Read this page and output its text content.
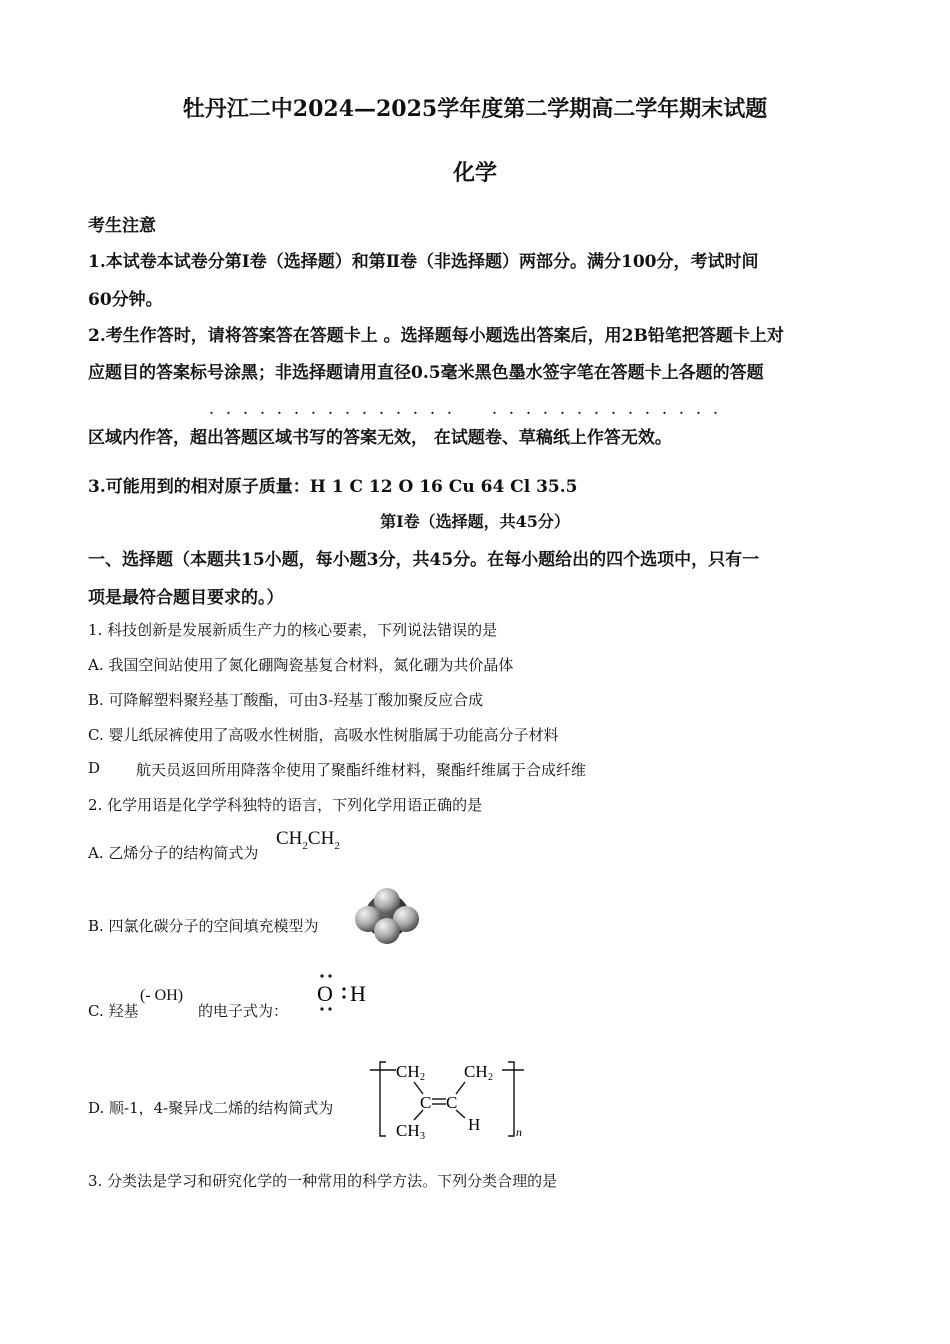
牡丹江二中2024—2025学年度第二学期高二学年期末试题
化学
考生注意
1.本试卷本试卷分第I卷（选择题）和第Ⅱ卷（非选择题）两部分。满分100分，考试时间
60分钟。
2.考生作答时，请将答案答在答题卡上 。选择题每小题选出答案后，用2B铅笔把答题卡上对
应题目的答案标号涂黑；非选择题请用直径0.5毫米黑色墨水签字笔在答题卡上各题的答题
· · · · · · · · · · · · · · ·	· · · · · · · · · · · · · ·
区域内作答，超出答题区域书写的答案无效， 在试题卷、草稿纸上作答无效。
3.可能用到的相对原子质量：H 1 C 12 O 16 Cu 64 Cl 35.5
第Ⅰ卷（选择题，共45分）
一、选择题（本题共15小题，每小题3分，共45分。在每小题给出的四个选项中，只有一
项是最符合题目要求的。）
1. 科技创新是发展新质生产力的核心要素，下列说法错误的是
A. 我国空间站使用了氮化硼陶瓷基复合材料，氮化硼为共价晶体
B. 可降解塑料聚羟基丁酸酯，可由3-羟基丁酸加聚反应合成
C. 婴儿纸尿裤使用了高吸水性树脂，高吸水性树脂属于功能高分子材料
D 航天员返回所用降落伞使用了聚酯纤维材料，聚酯纤维属于合成纤维
2. 化学用语是化学学科独特的语言，下列化学用语正确的是
A. 乙烯分子的结构简式为
$CH_2CH_2$
B. 四氯化碳分子的空间填充模型为
C. 羟基
(- OH)
的电子式为：
O H
D. 顺-1，4-聚异戊二烯的结构简式为
CH 2 CH 2
C C
CH 3
H	n
3. 分类法是学习和研究化学的一种常用的科学方法。下列分类合理的是
